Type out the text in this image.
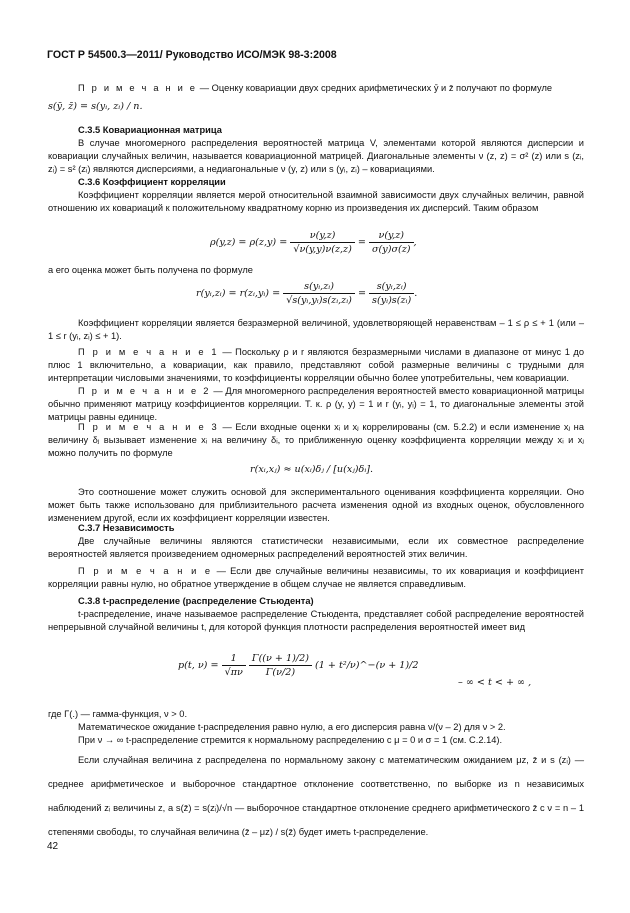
ГОСТ Р 54500.3—2011/ Руководство ИСО/МЭК 98-3:2008
П р и м е ч а н и е — Оценку ковариации двух средних арифметических ȳ и z̄ получают по формуле
s(ȳ, z̄) = s(yᵢ, zᵢ) / n.
С.3.5 Ковариационная матрица
В случае многомерного распределения вероятностей матрица V, элементами которой являются дисперсии и ковариации случайных величин, называется ковариационной матрицей. Диагональные элементы ν (z, z) = σ² (z) или s (zᵢ, zᵢ) = s² (zᵢ) являются дисперсиями, а недиагональные ν (y, z) или s (yᵢ, zᵢ) – ковариациями.
С.3.6 Коэффициент корреляции
Коэффициент корреляции является мерой относительной взаимной зависимости двух случайных величин, равной отношению их ковариаций к положительному квадратному корню из произведения их дисперсий. Таким образом
$\rho(y,z) = \rho(z,y) = \frac{\nu(y,z)}{√\nu(y,y)\nu(z,z)} = \frac{\nu(y,z)}{\sigma(y)\sigma(z)}$ ,
а его оценка может быть получена по формуле
r(yᵢ,zᵢ) = r(zᵢ,yᵢ) = $\frac{\text{s(yᵢ,zᵢ)}}{\text{√s(yᵢ,yᵢ)s(zᵢ,zᵢ)}} = \frac{\text{s(yᵢ,zᵢ)}}{\text{s(yᵢ)s(zᵢ)}}$ .
Коэффициент корреляции является безразмерной величиной, удовлетворяющей неравенствам – 1 ≤ ρ ≤ + 1 (или – 1 ≤ r (yᵢ, zᵢ) ≤ + 1).
П р и м е ч а н и е 1 — Поскольку ρ и r являются безразмерными числами в диапазоне от минус 1 до плюс 1 включительно, а ковариации, как правило, представляют собой размерные величины с трудными для интерпретации числовыми значениями, то коэффициенты корреляции обычно более употребительны, чем ковариации.
П р и м е ч а н и е 2 — Для многомерного распределения вероятностей вместо ковариационной матрицы обычно применяют матрицу коэффициентов корреляции. Т. к. ρ (y, y) = 1 и r (yᵢ, yᵢ) = 1, то диагональные элементы этой матрицы равны единице.
П р и м е ч а н и е 3 — Если входные оценки xᵢ и xⱼ коррелированы (см. 5.2.2) и если изменение xⱼ на величину δⱼ вызывает изменение xᵢ на величину δᵢ, то приближенную оценку коэффициента корреляции между xᵢ и xⱼ можно получить по формуле
r(xᵢ,xⱼ) ≈ u(xᵢ)δⱼ / [u(xⱼ)δᵢ].
Это соотношение может служить основой для экспериментального оценивания коэффициента корреляции. Оно может быть также использовано для приблизительного расчета изменения одной из входных оценок, обусловленного изменением другой, если их коэффициент корреляции известен.
С.3.7 Независимость
Две случайные величины являются статистически независимыми, если их совместное распределение вероятностей является произведением одномерных распределений вероятностей этих величин.
П р и м е ч а н и е — Если две случайные величины независимы, то их ковариация и коэффициент корреляции равны нулю, но обратное утверждение в общем случае не является справедливым.
С.3.8 t-распределение (распределение Стьюдента)
t-распределение, иначе называемое распределение Стьюдента, представляет собой распределение вероятностей непрерывной случайной величины t, для которой функция плотности распределения вероятностей имеет вид
p(t, $\nu) = \frac{1}{√\pi\nu}$
$\frac{\Gamma((\nu + 1)/2)}{\Gamma(\nu/2)} (1$ + t²/ν)^−(ν + 1)/2
– ∞ < t < + ∞ ,
где Γ(.) — гамма-функция, ν > 0.
Математическое ожидание t-распределения равно нулю, а его дисперсия равна ν/(ν – 2) для ν > 2.
При ν → ∞ t-распределение стремится к нормальному распределению с μ = 0 и σ = 1 (см. С.2.14).
Если случайная величина z распределена по нормальному закону с математическим ожиданием μz, z̄ и s (zᵢ) — среднее арифметическое и выборочное стандартное отклонение соответственно, по выборке из n независимых наблюдений zᵢ величины z, а s(z̄) = s(zᵢ)/√n — выборочное стандартное отклонение среднего арифметического z̄ с ν = n – 1 степенями свободы, то случайная величина (z̄ – μz) / s(z̄) будет иметь t-распределение.
42
